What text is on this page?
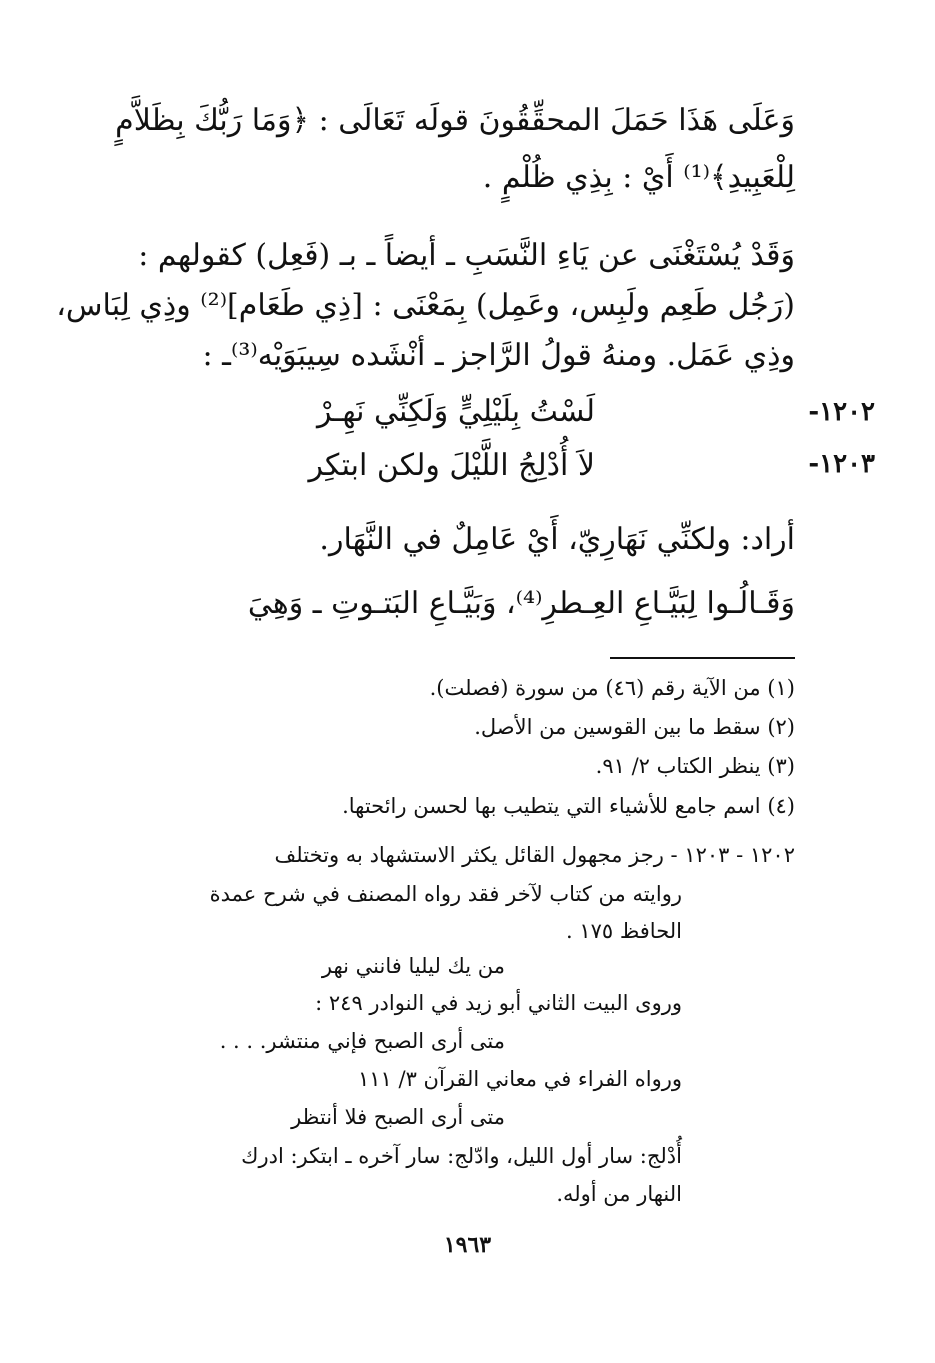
وَعَلَى هَذَا حَمَلَ المحقِّقُونَ قولَه تَعَالَى : ﴿وَمَا رَبُّكَ بِظَلاَّمٍ
لِلْعَبِيدِ﴾⁽¹⁾ أَيْ : بِذِي ظُلْمٍ .
وَقَدْ يُسْتَغْنَى عن يَاءِ النَّسَبِ ـ أيضاً ـ بـ (فَعِل) كقولهم :
(رَجُل طَعِم ولَبِس، وعَمِل) بِمَعْنَى : [ذِي طَعَام]⁽²⁾ وذِي لِبَاس،
وذِي عَمَل. ومنهُ قولُ الرَّاجز ـ أنْشَده سِيبَوَيْه⁽³⁾ـ :
-١٢٠٢
لَسْتُ بِلَيْلِيٍّ وَلَكِنِّي نَهِـرْ
-١٢٠٣
لاَ أُدْلِجُ اللَّيْلَ ولكن ابتكِر
أراد: ولكنِّي نَهَارِيّ، أَيْ عَامِلٌ في النَّهَار.
وَقَـالُـوا لِبَيَّـاعِ العِـطرِ⁽⁴⁾، وَبَيَّـاعِ البَتـوتِ ـ وَهِيَ
(١) من الآية رقم (٤٦) من سورة (فصلت).
(٢) سقط ما بين القوسين من الأصل.
(٣) ينظر الكتاب ٢/ ٩١.
(٤) اسم جامع للأشياء التي يتطيب بها لحسن رائحتها.
١٢٠٢ - ١٢٠٣ - رجز مجهول القائل يكثر الاستشهاد به وتختلف
روايته من كتاب لآخر فقد رواه المصنف في شرح عمدة
الحافظ ١٧٥ .
من يك ليليا فانني نهر
وروى البيت الثاني أبو زيد في النوادر ٢٤٩ :
متى أرى الصبح فإني منتشر. . . .
ورواه الفراء في معاني القرآن ٣/ ١١١
متى أرى الصبح فلا أنتظر
أُدْلج: سار أول الليل، وادّلج: سار آخره ـ ابتكر: ادرك
النهار من أوله.
١٩٦٣
